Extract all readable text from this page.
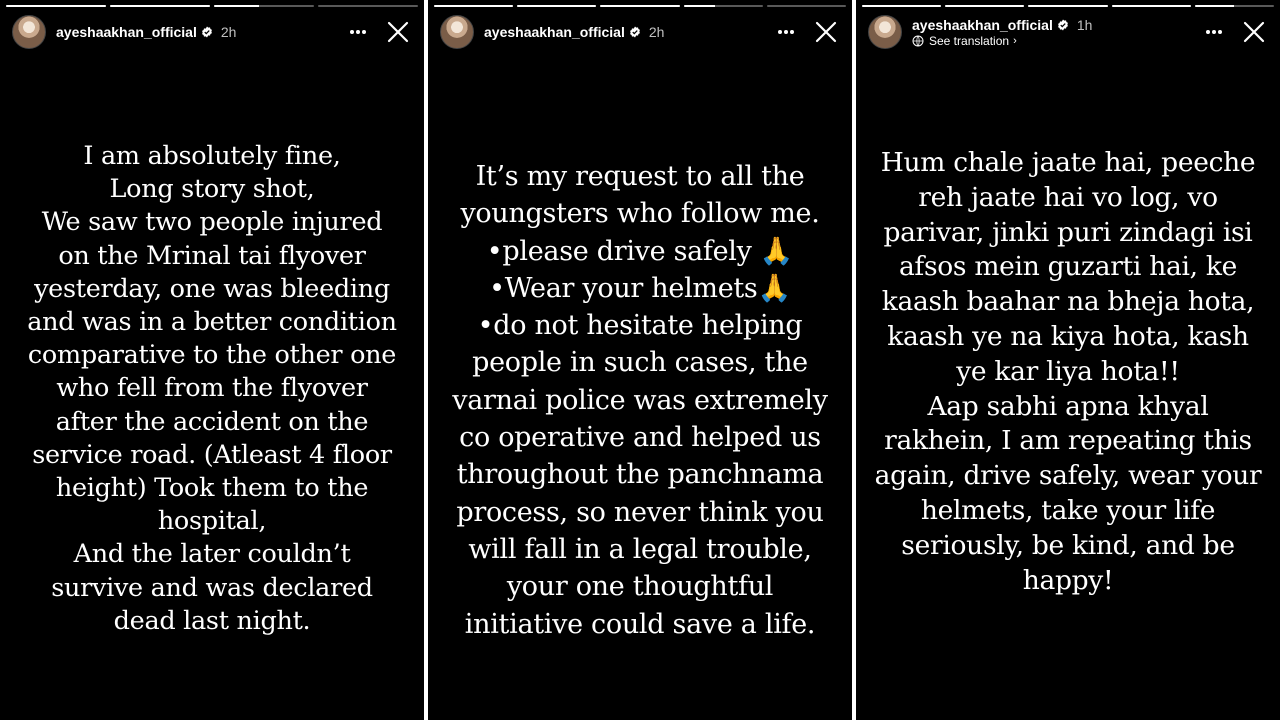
ayeshaakhan_official 2h
I am absolutely fine,
Long story shot,
We saw two people injured
on the Mrinal tai flyover
yesterday, one was bleeding
and was in a better condition
comparative to the other one
who fell from the flyover
after the accident on the
service road. (Atleast 4 floor
height) Took them to the
hospital,
And the later couldn’t
survive and was declared
dead last night.
ayeshaakhan_official 2h
It’s my request to all the
youngsters who follow me.
•please drive safely 🙏
•Wear your helmets🙏
•do not hesitate helping
people in such cases, the
varnai police was extremely
co operative and helped us
throughout the panchnama
process, so never think you
will fall in a legal trouble,
your one thoughtful
initiative could save a life.
ayeshaakhan_official 1h
See translation ›
Hum chale jaate hai, peeche
reh jaate hai vo log, vo
parivar, jinki puri zindagi isi
afsos mein guzarti hai, ke
kaash baahar na bheja hota,
kaash ye na kiya hota, kash
ye kar liya hota!!
Aap sabhi apna khyal
rakhein, I am repeating this
again, drive safely, wear your
helmets, take your life
seriously, be kind, and be
happy!
